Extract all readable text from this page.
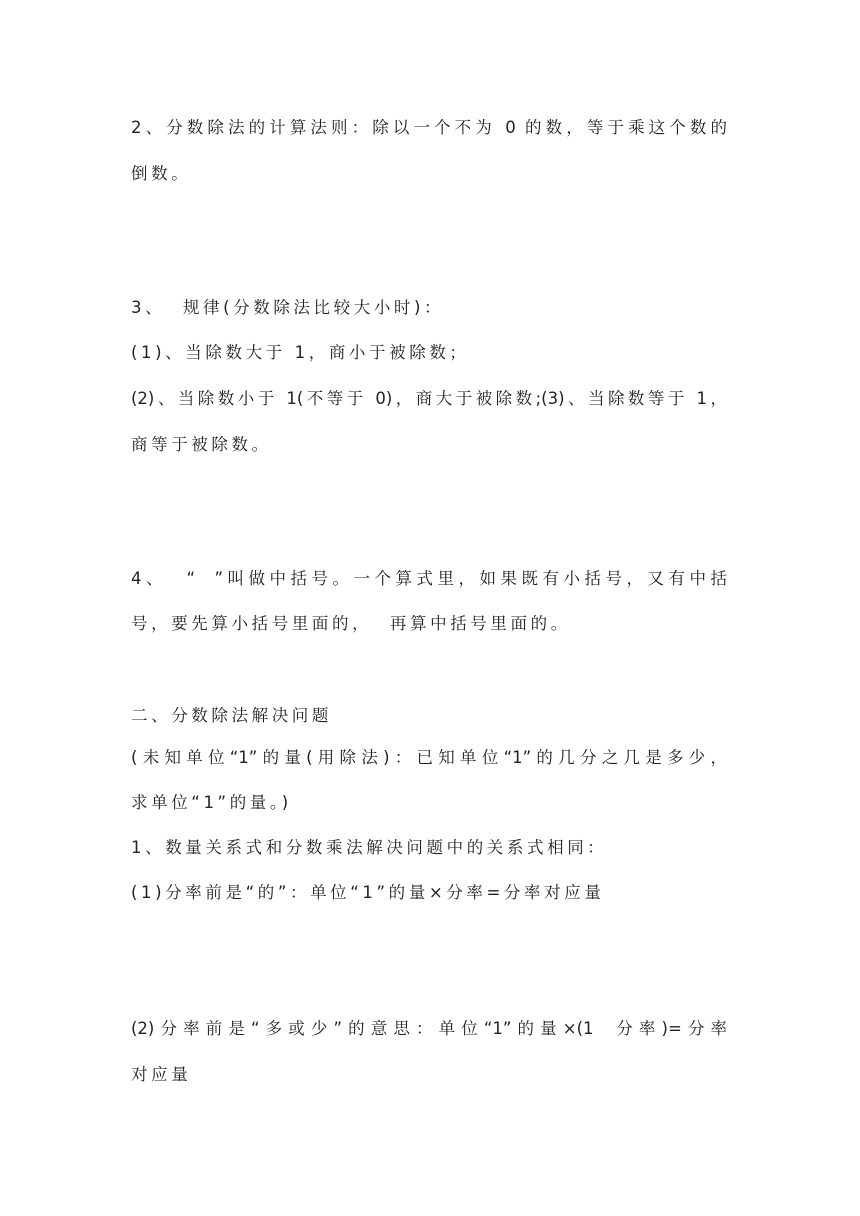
2、分数除法的计算法则：除以一个不为 0 的数，等于乘这个数的
倒数。
3、  规律(分数除法比较大小时)：
(1)、当除数大于 1，商小于被除数；
(2)、当除数小于 1(不等于 0)，商大于被除数;(3)、当除数等于 1，
商等于被除数。
4、  “  ”叫做中括号。一个算式里，如果既有小括号，又有中括
号，要先算小括号里面的，  再算中括号里面的。
二、分数除法解决问题
(未知单位“1”的量(用除法)：已知单位“1”的几分之几是多少，
求单位“1”的量。)
1、数量关系式和分数乘法解决问题中的关系式相同：
(1)分率前是“的”：单位“1”的量×分率=分率对应量
(2)分率前是“多或少”的意思：单位“1”的量×(1  分率)=分率
对应量
